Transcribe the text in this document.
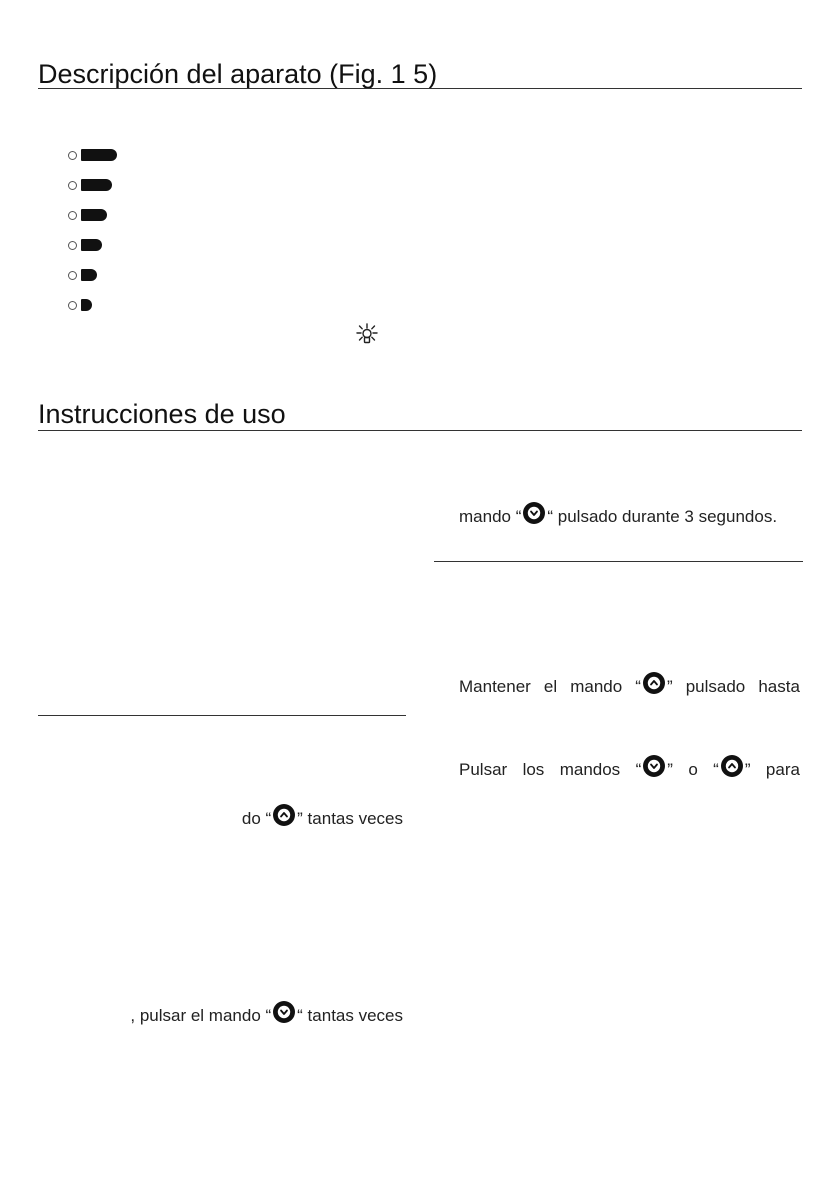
Descripción del aparato (Fig. 1 5)
Instrucciones de uso
mando “ “ pulsado durante 3 segundos.
Mantener el mando “ ” pulsado hasta
Pulsar los mandos “ ” o “ ” para
do “ ” tantas veces
, pulsar el mando “ “ tantas veces
